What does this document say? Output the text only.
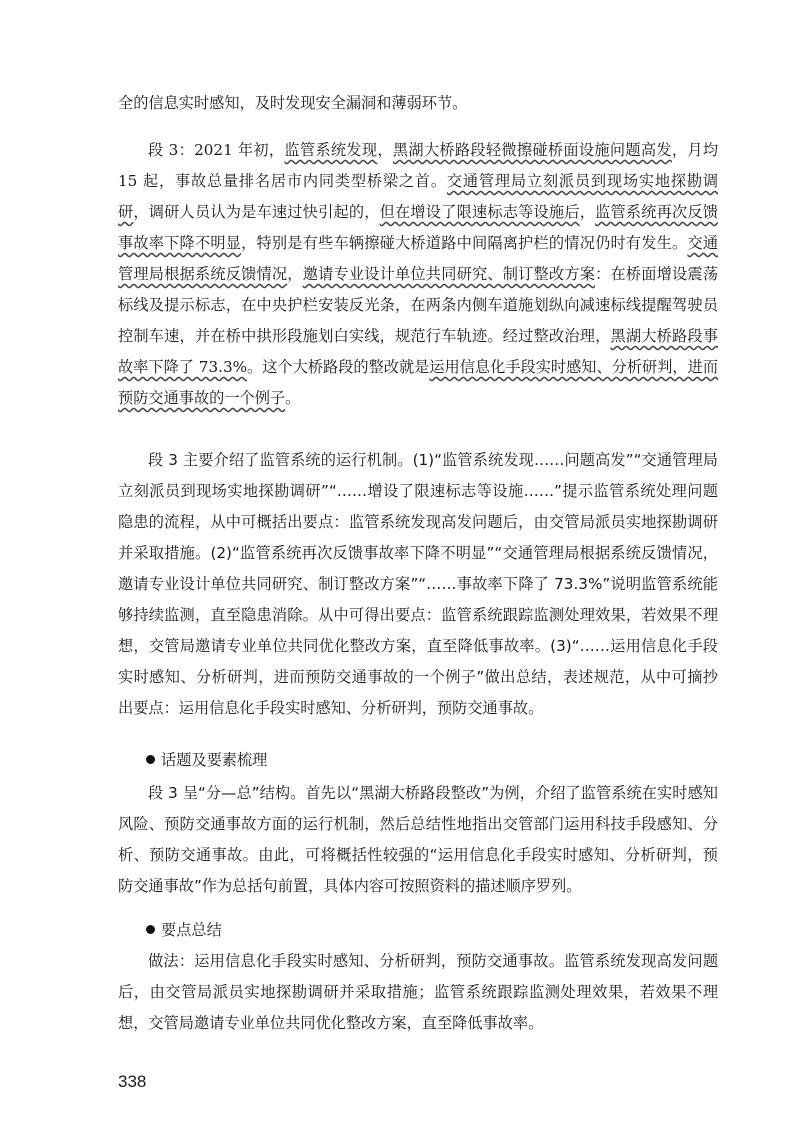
全的信息实时感知，及时发现安全漏洞和薄弱环节。

段 3：2021 年初，监管系统发现，黑湖大桥路段轻微擦碰桥面设施问题高发，月均 15 起，事故总量排名居市内同类型桥梁之首。交通管理局立刻派员到现场实地探勘调研，调研人员认为是车速过快引起的，但在增设了限速标志等设施后，监管系统再次反馈事故率下降不明显，特别是有些车辆擦碰大桥道路中间隔离护栏的情况仍时有发生。交通管理局根据系统反馈情况，邀请专业设计单位共同研究、制订整改方案：在桥面增设震荡标线及提示标志，在中央护栏安装反光条，在两条内侧车道施划纵向减速标线提醒驾驶员控制车速，并在桥中拱形段施划白实线，规范行车轨迹。经过整改治理，黑湖大桥路段事故率下降了 73.3%。这个大桥路段的整改就是运用信息化手段实时感知、分析研判，进而预防交通事故的一个例子。

段 3 主要介绍了监管系统的运行机制。(1)“监管系统发现……问题高发”“交通管理局立刻派员到现场实地探勘调研”“……增设了限速标志等设施……”提示监管系统处理问题隐患的流程，从中可概括出要点：监管系统发现高发问题后，由交管局派员实地探勘调研并采取措施。(2)“监管系统再次反馈事故率下降不明显”“交通管理局根据系统反馈情况，邀请专业设计单位共同研究、制订整改方案”“……事故率下降了 73.3%”说明监管系统能够持续监测，直至隐患消除。从中可得出要点：监管系统跟踪监测处理效果，若效果不理想，交管局邀请专业单位共同优化整改方案，直至降低事故率。(3)“……运用信息化手段实时感知、分析研判，进而预防交通事故的一个例子”做出总结，表述规范，从中可摘抄出要点：运用信息化手段实时感知、分析研判，预防交通事故。

话题及要素梳理

段 3 呈“分—总”结构。首先以“黑湖大桥路段整改”为例，介绍了监管系统在实时感知风险、预防交通事故方面的运行机制，然后总结性地指出交管部门运用科技手段感知、分析、预防交通事故。由此，可将概括性较强的“运用信息化手段实时感知、分析研判，预防交通事故”作为总括句前置，具体内容可按照资料的描述顺序罗列。

要点总结

做法：运用信息化手段实时感知、分析研判，预防交通事故。监管系统发现高发问题后，由交管局派员实地探勘调研并采取措施；监管系统跟踪监测处理效果，若效果不理想，交管局邀请专业单位共同优化整改方案，直至降低事故率。

338
